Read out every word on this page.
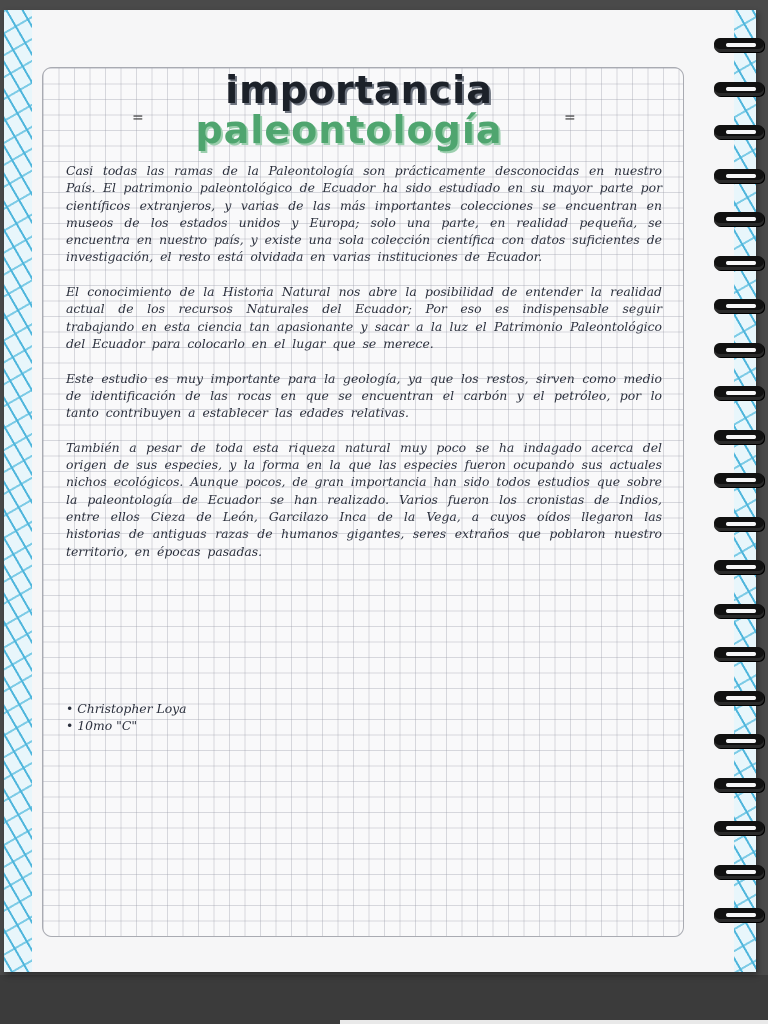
=	=
importancia
paleontología

Casi todas las ramas de la Paleontología son prácticamente desconocidas en nuestro País. El patrimonio paleontológico de Ecuador ha sido estudiado en su mayor parte por científicos extranjeros, y varias de las más importantes colecciones se encuentran en museos de los estados unidos y Europa; solo una parte, en realidad pequeña, se encuentra en nuestro país, y existe una sola colección científica con datos suficientes de investigación, el resto está olvidada en varias instituciones de Ecuador.

El conocimiento de la Historia Natural nos abre la posibilidad de entender la realidad actual de los recursos Naturales del Ecuador; Por eso es indispensable seguir trabajando en esta ciencia tan apasionante y sacar a la luz el Patrimonio Paleontológico del Ecuador para colocarlo en el lugar que se merece.

Este estudio es muy importante para la geología, ya que los restos, sirven como medio de identificación de las rocas en que se encuentran el carbón y el petróleo, por lo tanto contribuyen a establecer las edades relativas.

También a pesar de toda esta riqueza natural muy poco se ha indagado acerca del origen de sus especies, y la forma en la que las especies fueron ocupando sus actuales nichos ecológicos. Aunque pocos, de gran importancia han sido todos estudios que sobre la paleontología de Ecuador se han realizado. Varios fueron los cronistas de Indios, entre ellos Cieza de León, Garcilazo Inca de la Vega, a cuyos oídos llegaron las historias de antiguas razas de humanos gigantes, seres extraños que poblaron nuestro territorio, en épocas pasadas.

• Christopher Loya
• 10mo "C"
